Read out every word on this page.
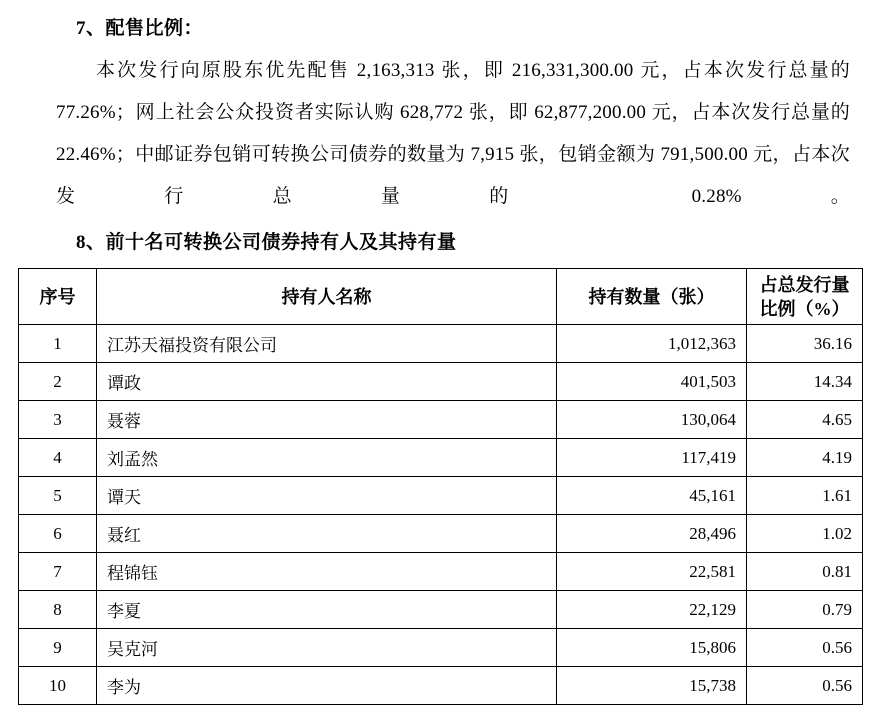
7、配售比例：

本次发行向原股东优先配售 2,163,313 张，即 216,331,300.00 元，占本次发行总量的 77.26%；网上社会公众投资者实际认购 628,772 张，即 62,877,200.00 元，占本次发行总量的 22.46%；中邮证券包销可转换公司债券的数量为 7,915 张，包销金额为 791,500.00 元，占本次发行总量的 0.28%。

8、前十名可转换公司债券持有人及其持有量
序号	持有人名称	持有数量（张）	占总发行量比例（%）
1	江苏天福投资有限公司	1,012,363	36.16
2	谭政	401,503	14.34
3	聂蓉	130,064	4.65
4	刘孟然	117,419	4.19
5	谭天	45,161	1.61
6	聂红	28,496	1.02
7	程锦钰	22,581	0.81
8	李夏	22,129	0.79
9	吴克河	15,806	0.56
10	李为	15,738	0.56
